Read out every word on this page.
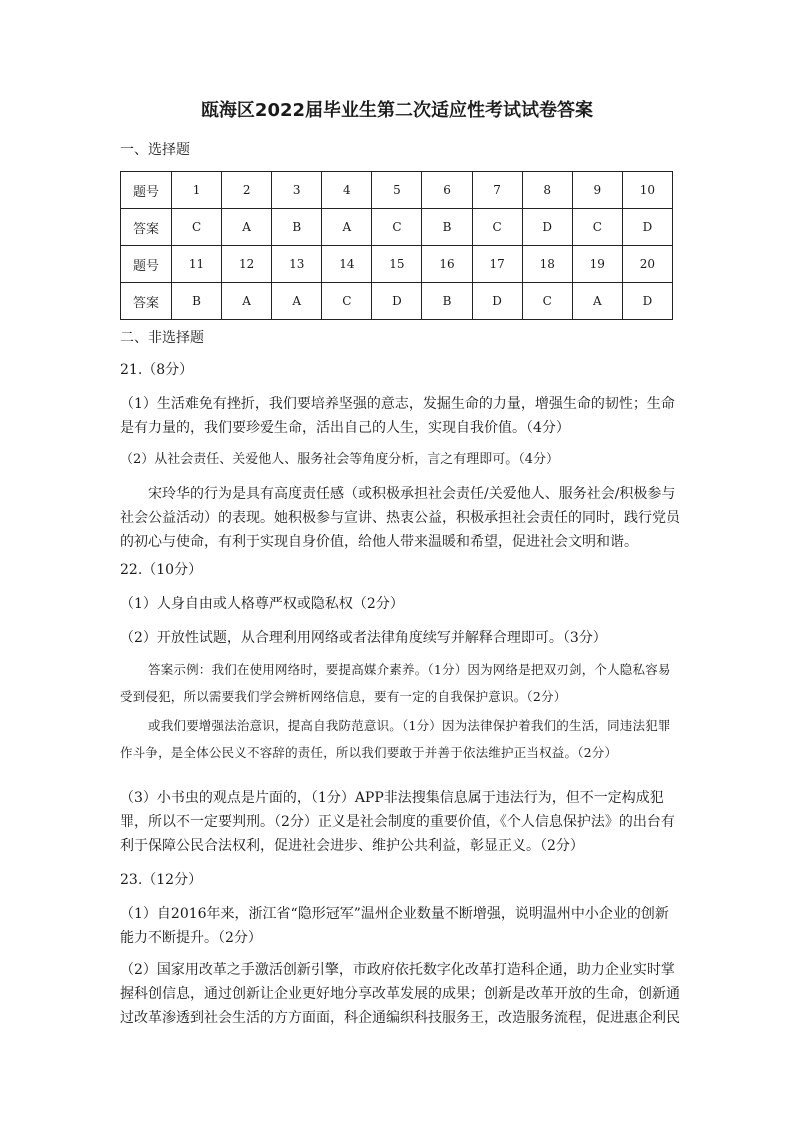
瓯海区2022届毕业生第二次适应性考试试卷答案
一、选择题
题号	1	2	3	4	5	6	7	8	9	10
答案	C	A	B	A	C	B	C	D	C	D
题号	11	12	13	14	15	16	17	18	19	20
答案	B	A	A	C	D	B	D	C	A	D
二、非选择题
21.（8分）
（1）生活难免有挫折，我们要培养坚强的意志，发掘生命的力量，增强生命的韧性；生命是有力量的，我们要珍爱生命，活出自己的人生，实现自我价值。（4分）
（2）从社会责任、关爱他人、服务社会等角度分析，言之有理即可。（4分）
宋玲华的行为是具有高度责任感（或积极承担社会责任/关爱他人、服务社会/积极参与社会公益活动）的表现。她积极参与宣讲、热衷公益，积极承担社会责任的同时，践行党员的初心与使命，有利于实现自身价值，给他人带来温暖和希望，促进社会文明和谐。
22.（10分）
（1）人身自由或人格尊严权或隐私权（2分）
（2）开放性试题，从合理利用网络或者法律角度续写并解释合理即可。（3分）
答案示例：我们在使用网络时，要提高媒介素养。（1分）因为网络是把双刃剑，个人隐私容易受到侵犯，所以需要我们学会辨析网络信息，要有一定的自我保护意识。（2分）
或我们要增强法治意识，提高自我防范意识。（1分）因为法律保护着我们的生活，同违法犯罪作斗争，是全体公民义不容辞的责任，所以我们要敢于并善于依法维护正当权益。（2分）
（3）小书虫的观点是片面的，（1分）APP非法搜集信息属于违法行为，但不一定构成犯罪，所以不一定要判刑。（2分）正义是社会制度的重要价值，《个人信息保护法》的出台有利于保障公民合法权利，促进社会进步、维护公共利益，彰显正义。（2分）
23.（12分）
（1）自2016年来，浙江省“隐形冠军”温州企业数量不断增强，说明温州中小企业的创新能力不断提升。（2分）
（2）国家用改革之手激活创新引擎，市政府依托数字化改革打造科企通，助力企业实时掌握科创信息，通过创新让企业更好地分享改革发展的成果；创新是改革开放的生命，创新通过改革渗透到社会生活的方方面面，科企通编织科技服务王，改造服务流程，促进惠企利民
